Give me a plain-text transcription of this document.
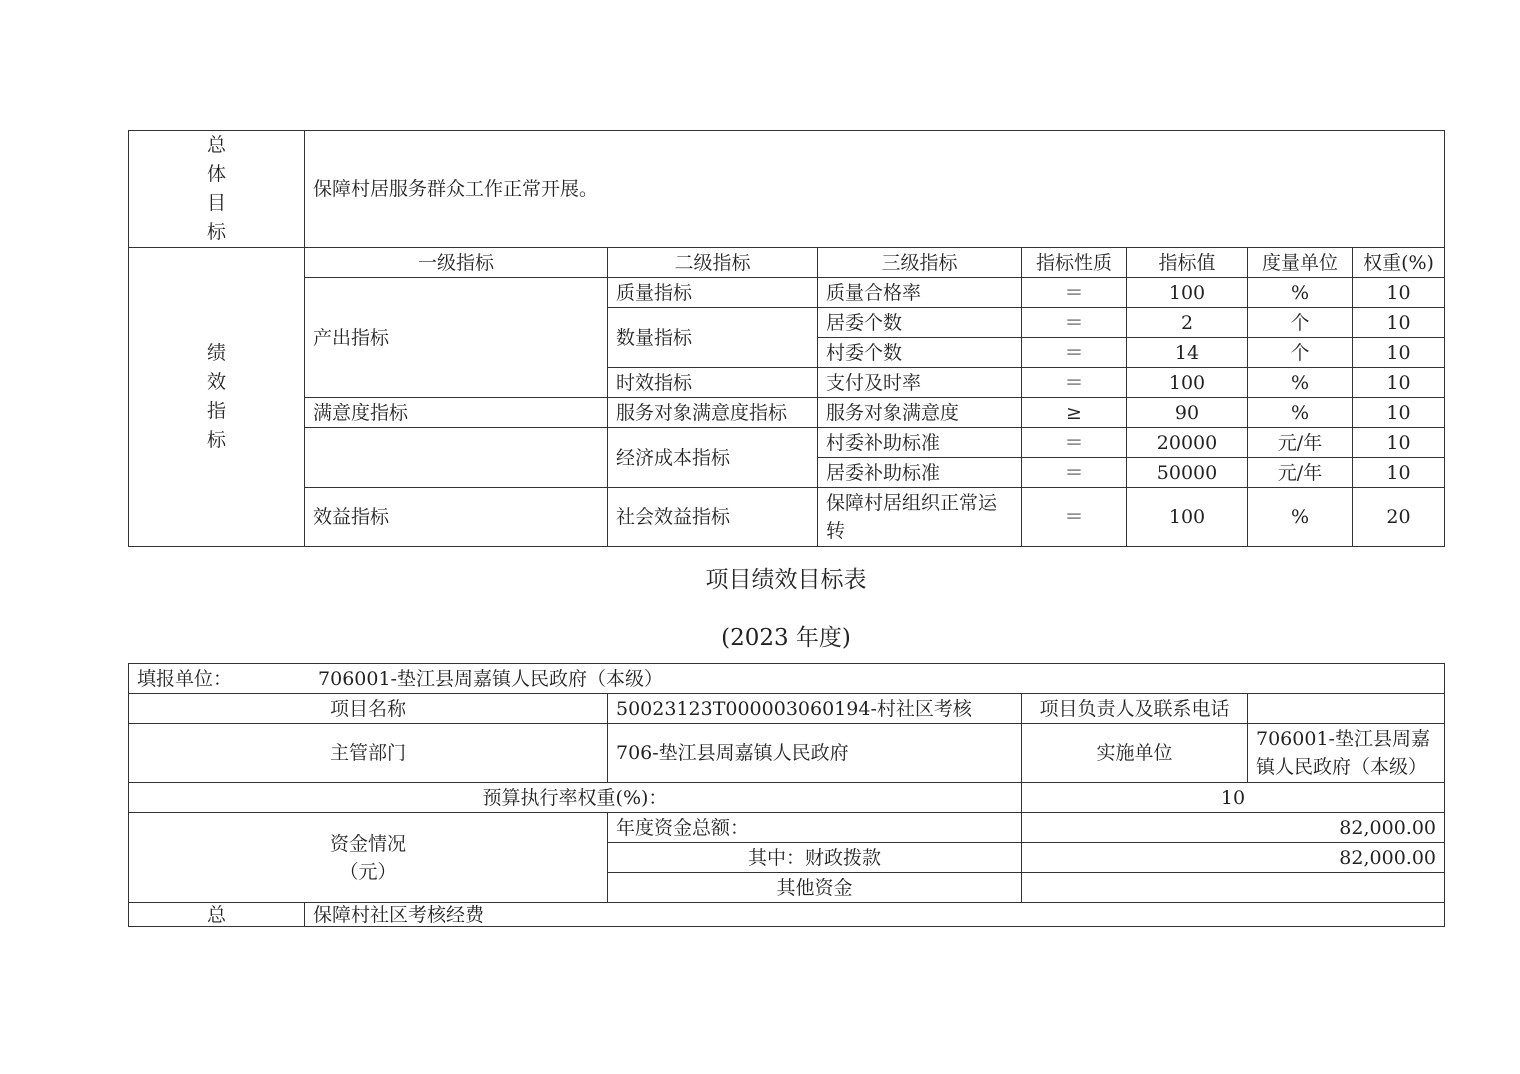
总
体
目
标	保障村居服务群众工作正常开展。						

绩
效
指
标	一级指标	二级指标	三级指标	指标性质	指标值	度量单位	权重(%)
	产出指标	质量指标	质量合格率	＝	100	%	10
		数量指标	居委个数	＝	2	个	10
			村委个数	＝	14	个	10
		时效指标	支付及时率	＝	100	%	10
	满意度指标	服务对象满意度指标	服务对象满意度	≥	90	%	10
		经济成本指标	村委补助标准	＝	20000	元/年	10
			居委补助标准	＝	50000	元/年	10
	效益指标	社会效益指标	保障村居组织正常运转	＝	100	%	20
项目绩效目标表
(2023 年度)
填报单位： 706001-垫江县周嘉镇人民政府（本级）				
项目名称		50023123T000003060194-村社区考核	项目负责人及联系电话	
主管部门		706-垫江县周嘉镇人民政府	实施单位	706001-垫江县周嘉镇人民政府（本级）
预算执行率权重(%)：			10	

资金情况
（元）		年度资金总额：	82,000.00	
		其中：财政拨款	82,000.00	
		其他资金		
总	保障村社区考核经费			
